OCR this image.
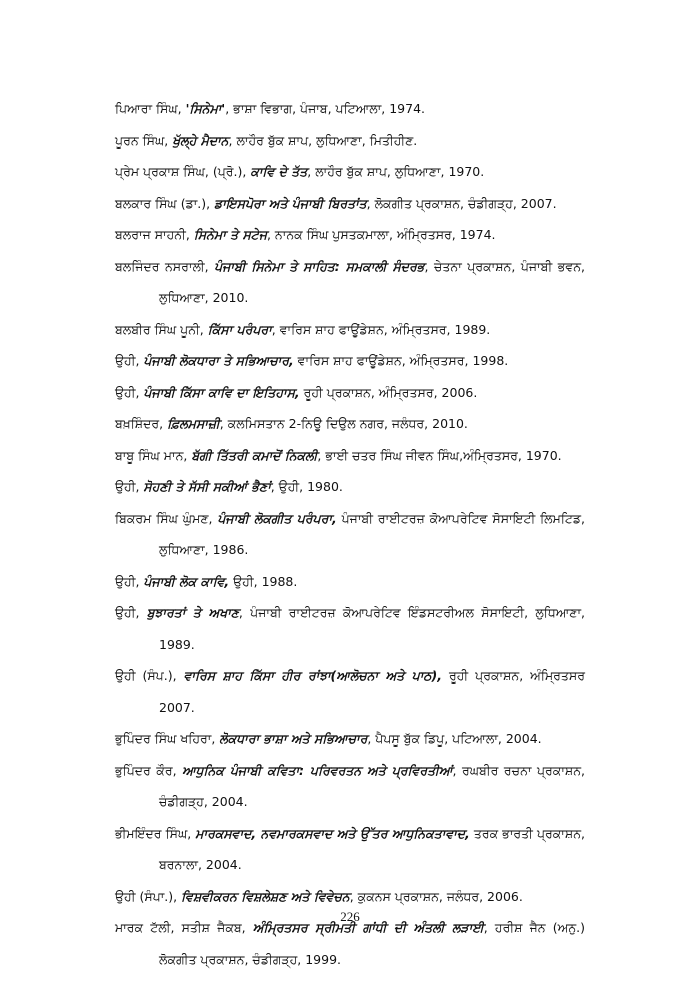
ਪਿਆਰਾ ਸਿੰਘ, 'ਸਿਨੇਮਾ', ਭਾਸ਼ਾ ਵਿਭਾਗ, ਪੰਜਾਬ, ਪਟਿਆਲਾ, 1974.
ਪੂਰਨ ਸਿੰਘ, ਖੁੱਲ੍ਹੇ ਮੈਦਾਨ, ਲਾਹੌਰ ਬੁੱਕ ਸ਼ਾਪ, ਲੁਧਿਆਣਾ, ਮਿਤੀਹੀਣ.
ਪ੍ਰੇਮ ਪ੍ਰਕਾਸ਼ ਸਿੰਘ, (ਪ੍ਰੋ.), ਕਾਵਿ ਦੇ ਤੱਤ, ਲਾਹੌਰ ਬੁੱਕ ਸ਼ਾਪ, ਲੁਧਿਆਣਾ, 1970.
ਬਲਕਾਰ ਸਿੰਘ (ਡਾ.), ਡਾਇਸਪੋਰਾ ਅਤੇ ਪੰਜਾਬੀ ਬਿਰਤਾਂਤ, ਲੋਕਗੀਤ ਪ੍ਰਕਾਸ਼ਨ, ਚੰਡੀਗੜ੍ਹ, 2007.
ਬਲਰਾਜ ਸਾਹਨੀ, ਸਿਨੇਮਾ ਤੇ ਸਟੇਜ, ਨਾਨਕ ਸਿੰਘ ਪੁਸਤਕਮਾਲਾ, ਅੰਮ੍ਰਿਤਸਰ, 1974.
ਬਲਜਿੰਦਰ ਨਸਰਾਲੀ, ਪੰਜਾਬੀ ਸਿਨੇਮਾ ਤੇ ਸਾਹਿਤ: ਸਮਕਾਲੀ ਸੰਦਰਭ, ਚੇਤਨਾ ਪ੍ਰਕਾਸ਼ਨ, ਪੰਜਾਬੀ ਭਵਨ, ਲੁਧਿਆਣਾ, 2010.
ਬਲਬੀਰ ਸਿੰਘ ਪੂਨੀ, ਕਿੱਸਾ ਪਰੰਪਰਾ, ਵਾਰਿਸ ਸ਼ਾਹ ਫਾਊਂਡੇਸ਼ਨ, ਅੰਮ੍ਰਿਤਸਰ, 1989.
ਉਹੀ, ਪੰਜਾਬੀ ਲੋਕਧਾਰਾ ਤੇ ਸਭਿਆਚਾਰ, ਵਾਰਿਸ ਸ਼ਾਹ ਫਾਊਂਡੇਸ਼ਨ, ਅੰਮ੍ਰਿਤਸਰ, 1998.
ਉਹੀ, ਪੰਜਾਬੀ ਕਿੱਸਾ ਕਾਵਿ ਦਾ ਇਤਿਹਾਸ, ਰੂਹੀ ਪ੍ਰਕਾਸ਼ਨ, ਅੰਮ੍ਰਿਤਸਰ, 2006.
ਬਖ਼ਸ਼ਿੰਦਰ, ਫ਼ਿਲਮਸਾਜ਼ੀ, ਕਲਮਿਸਤਾਨ 2-ਨਿਊ ਦਿਉਲ ਨਗਰ, ਜਲੰਧਰ, 2010.
ਬਾਬੂ ਸਿੰਘ ਮਾਨ, ਬੱਗੀ ਤਿੱਤਰੀ ਕਮਾਦੋਂ ਨਿਕਲੀ, ਭਾਈ ਚਤਰ ਸਿੰਘ ਜੀਵਨ ਸਿੰਘ,ਅੰਮ੍ਰਿਤਸਰ, 1970.
ਉਹੀ, ਸੋਹਣੀ ਤੇ ਸੱਸੀ ਸਕੀਆਂ ਭੈਣਾਂ, ਉਹੀ, 1980.
ਬਿਕਰਮ ਸਿੰਘ ਘੁੰਮਣ, ਪੰਜਾਬੀ ਲੋਕਗੀਤ ਪਰੰਪਰਾ, ਪੰਜਾਬੀ ਰਾਈਟਰਜ਼ ਕੋਆਪਰੇਟਿਵ ਸੋਸਾਇਟੀ ਲਿਮਟਿਡ, ਲੁਧਿਆਣਾ, 1986.
ਉਹੀ, ਪੰਜਾਬੀ ਲੋਕ ਕਾਵਿ, ਉਹੀ, 1988.
ਉਹੀ, ਬੁਝਾਰਤਾਂ ਤੇ ਅਖਾਣ, ਪੰਜਾਬੀ ਰਾਈਟਰਜ਼ ਕੋਆਪਰੇਟਿਵ ਇੰਡਸਟਰੀਅਲ ਸੋਸਾਇਟੀ, ਲੁਧਿਆਣਾ, 1989.
ਉਹੀ (ਸੰਪ.), ਵਾਰਿਸ ਸ਼ਾਹ ਕਿੱਸਾ ਹੀਰ ਰਾਂਝਾ(ਆਲੋਚਨਾ ਅਤੇ ਪਾਠ), ਰੂਹੀ ਪ੍ਰਕਾਸ਼ਨ, ਅੰਮ੍ਰਿਤਸਰ 2007.
ਭੁਪਿੰਦਰ ਸਿੰਘ ਖਹਿਰਾ, ਲੋਕਧਾਰਾ ਭਾਸ਼ਾ ਅਤੇ ਸਭਿਆਚਾਰ, ਪੈਪਸੂ ਬੁੱਕ ਡਿਪੂ, ਪਟਿਆਲਾ, 2004.
ਭੁਪਿੰਦਰ ਕੌਰ, ਆਧੁਨਿਕ ਪੰਜਾਬੀ ਕਵਿਤਾ: ਪਰਿਵਰਤਨ ਅਤੇ ਪ੍ਰਵਿਰਤੀਆਂ, ਰਘਬੀਰ ਰਚਨਾ ਪ੍ਰਕਾਸ਼ਨ, ਚੰਡੀਗੜ੍ਹ, 2004.
ਭੀਮਇੰਦਰ ਸਿੰਘ, ਮਾਰਕਸਵਾਦ, ਨਵਮਾਰਕਸਵਾਦ ਅਤੇ ਉੱਤਰ ਆਧੁਨਿਕਤਾਵਾਦ, ਤਰਕ ਭਾਰਤੀ ਪ੍ਰਕਾਸ਼ਨ, ਬਰਨਾਲਾ, 2004.
ਉਹੀ (ਸੰਪਾ.), ਵਿਸ਼ਵੀਕਰਨ ਵਿਸ਼ਲੇਸ਼ਣ ਅਤੇ ਵਿਵੇਚਨ, ਕੁਕਨਸ ਪ੍ਰਕਾਸ਼ਨ, ਜਲੰਧਰ, 2006.
ਮਾਰਕ ਟੱਲੀ, ਸਤੀਸ਼ ਜੈਕਬ, ਅੰਮ੍ਰਿਤਸਰ ਸ੍ਰੀਮਤੀ ਗਾਂਧੀ ਦੀ ਅੰਤਲੀ ਲੜਾਈ, ਹਰੀਸ਼ ਜੈਨ (ਅਨੁ.) ਲੋਕਗੀਤ ਪ੍ਰਕਾਸ਼ਨ, ਚੰਡੀਗੜ੍ਹ, 1999.
226
